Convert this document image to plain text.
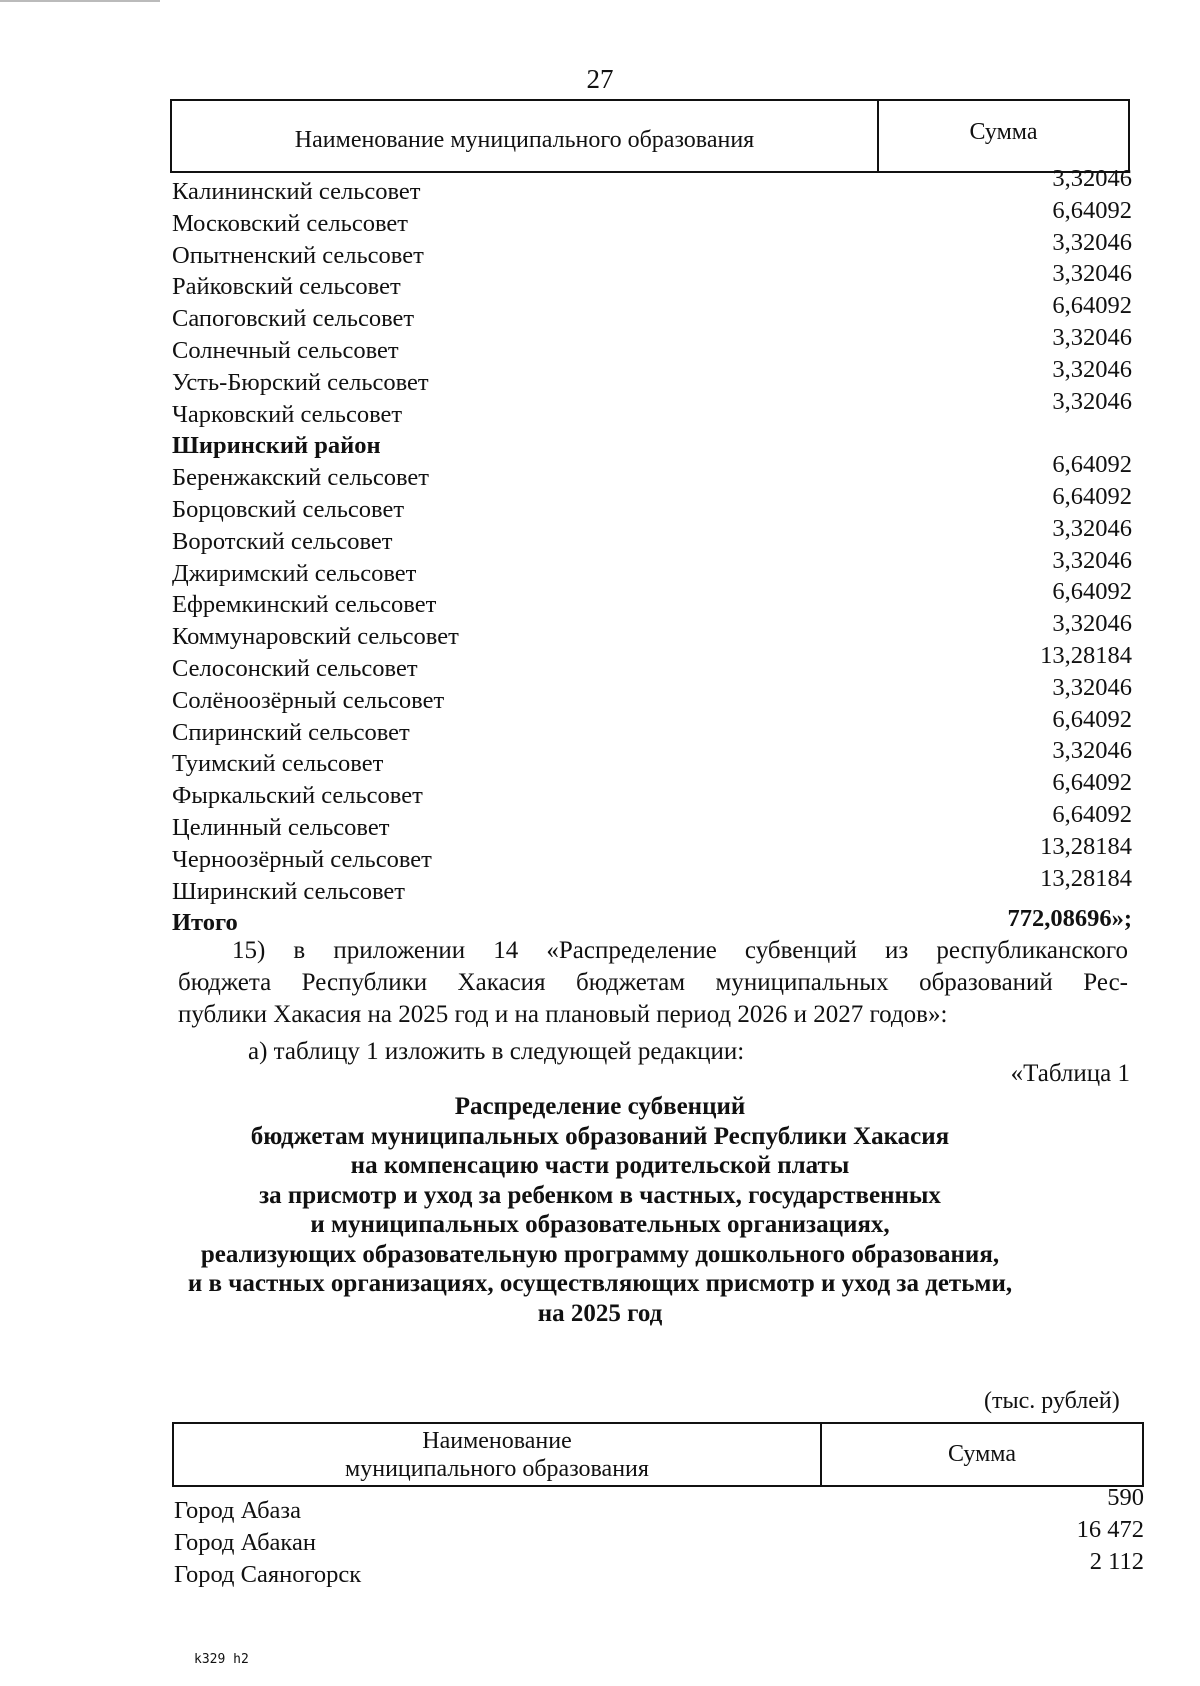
27
Наименование муниципального образования	Сумма
Калининский сельсовет	3,32046
Московский сельсовет	6,64092
Опытненский сельсовет	3,32046
Райковский сельсовет	3,32046
Сапоговский сельсовет	6,64092
Солнечный сельсовет	3,32046
Усть-Бюрский сельсовет	3,32046
Чарковский сельсовет	3,32046
Ширинский район
Беренжакский сельсовет	6,64092
Борцовский сельсовет	6,64092
Воротский сельсовет	3,32046
Джиримский сельсовет	3,32046
Ефремкинский сельсовет	6,64092
Коммунаровский сельсовет	3,32046
Селосонский сельсовет	13,28184
Солёноозёрный сельсовет	3,32046
Спиринский сельсовет	6,64092
Туимский сельсовет	3,32046
Фыркальский сельсовет	6,64092
Целинный сельсовет	6,64092
Черноозёрный сельсовет	13,28184
Ширинский сельсовет	13,28184
Итого	772,08696»;
15) в приложении 14 «Распределение субвенций из республиканского
бюджета Республики Хакасия бюджетам муниципальных образований Рес-
публики Хакасия на 2025 год и на плановый период 2026 и 2027 годов»:
а) таблицу 1 изложить в следующей редакции:
«Таблица 1
Распределение субвенций
бюджетам муниципальных образований Республики Хакасия
на компенсацию части родительской платы
за присмотр и уход за ребенком в частных, государственных
и муниципальных образовательных организациях,
реализующих образовательную программу дошкольного образования,
и в частных организациях, осуществляющих присмотр и уход за детьми,
на 2025 год
(тыс. рублей)
Наименование
муниципального образования
Сумма
Город Абаза	590
Город Абакан	16 472
Город Саяногорск	2 112
k329 h2
